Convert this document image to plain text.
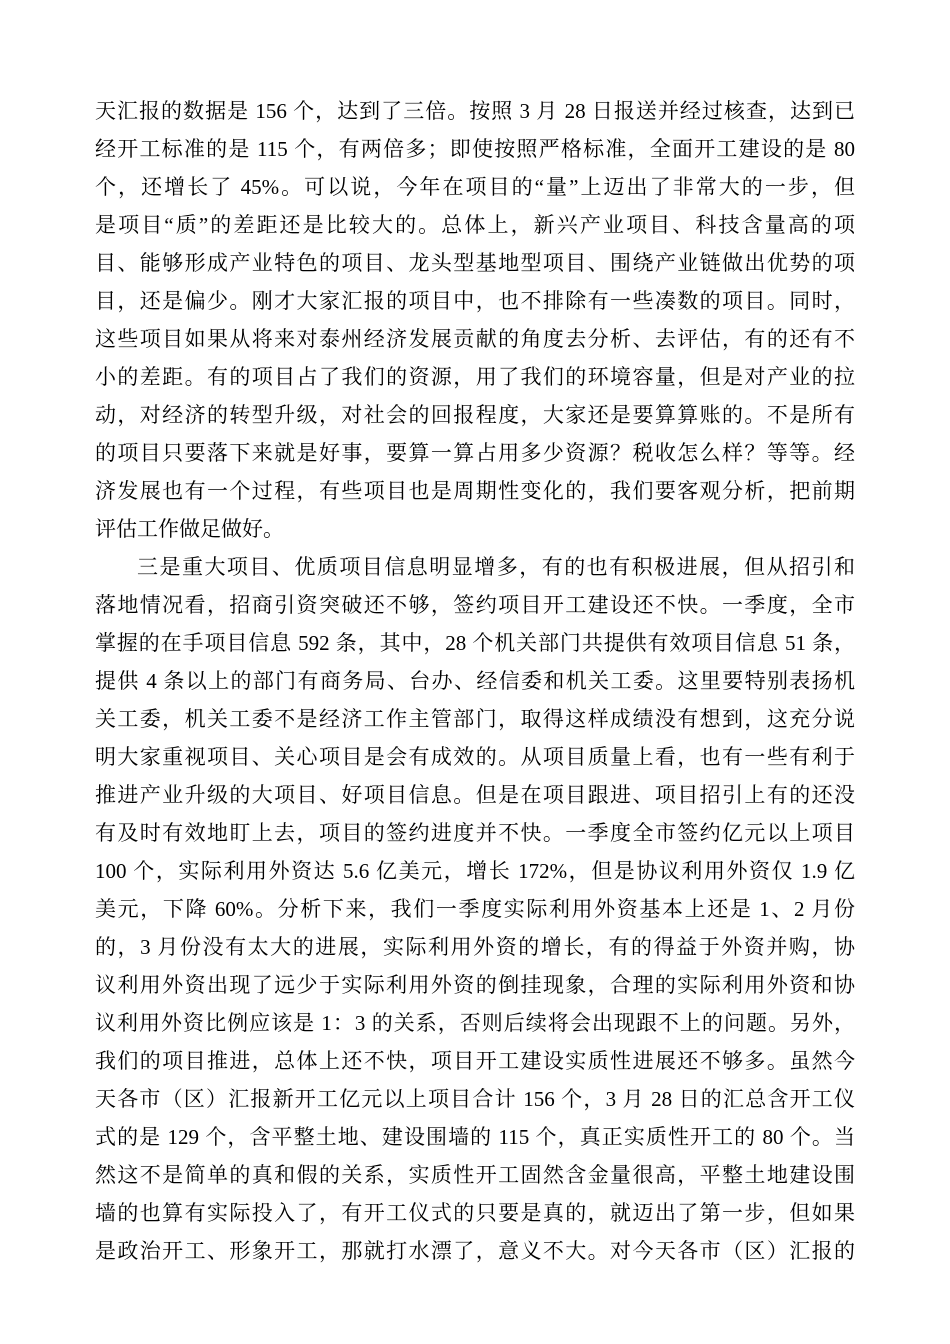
天汇报的数据是 156 个，达到了三倍。按照 3 月 28 日报送并经过核查，达到已
经开工标准的是 115 个，有两倍多；即使按照严格标准，全面开工建设的是 80
个，还增长了 45%。可以说，今年在项目的“量”上迈出了非常大的一步，但
是项目“质”的差距还是比较大的。总体上，新兴产业项目、科技含量高的项
目、能够形成产业特色的项目、龙头型基地型项目、围绕产业链做出优势的项
目，还是偏少。刚才大家汇报的项目中，也不排除有一些凑数的项目。同时，
这些项目如果从将来对泰州经济发展贡献的角度去分析、去评估，有的还有不
小的差距。有的项目占了我们的资源，用了我们的环境容量，但是对产业的拉
动，对经济的转型升级，对社会的回报程度，大家还是要算算账的。不是所有
的项目只要落下来就是好事，要算一算占用多少资源？税收怎么样？等等。经
济发展也有一个过程，有些项目也是周期性变化的，我们要客观分析，把前期
评估工作做足做好。
三是重大项目、优质项目信息明显增多，有的也有积极进展，但从招引和
落地情况看，招商引资突破还不够，签约项目开工建设还不快。一季度，全市
掌握的在手项目信息 592 条，其中，28 个机关部门共提供有效项目信息 51 条，
提供 4 条以上的部门有商务局、台办、经信委和机关工委。这里要特别表扬机
关工委，机关工委不是经济工作主管部门，取得这样成绩没有想到，这充分说
明大家重视项目、关心项目是会有成效的。从项目质量上看，也有一些有利于
推进产业升级的大项目、好项目信息。但是在项目跟进、项目招引上有的还没
有及时有效地盯上去，项目的签约进度并不快。一季度全市签约亿元以上项目
100 个，实际利用外资达 5.6 亿美元，增长 172%，但是协议利用外资仅 1.9 亿
美元，下降 60%。分析下来，我们一季度实际利用外资基本上还是 1、2 月份
的，3 月份没有太大的进展，实际利用外资的增长，有的得益于外资并购，协
议利用外资出现了远少于实际利用外资的倒挂现象，合理的实际利用外资和协
议利用外资比例应该是 1：3 的关系，否则后续将会出现跟不上的问题。另外，
我们的项目推进，总体上还不快，项目开工建设实质性进展还不够多。虽然今
天各市（区）汇报新开工亿元以上项目合计 156 个，3 月 28 日的汇总含开工仪
式的是 129 个，含平整土地、建设围墙的 115 个，真正实质性开工的 80 个。当
然这不是简单的真和假的关系，实质性开工固然含金量很高，平整土地建设围
墙的也算有实际投入了，有开工仪式的只要是真的，就迈出了第一步，但如果
是政治开工、形象开工，那就打水漂了，意义不大。对今天各市（区）汇报的
